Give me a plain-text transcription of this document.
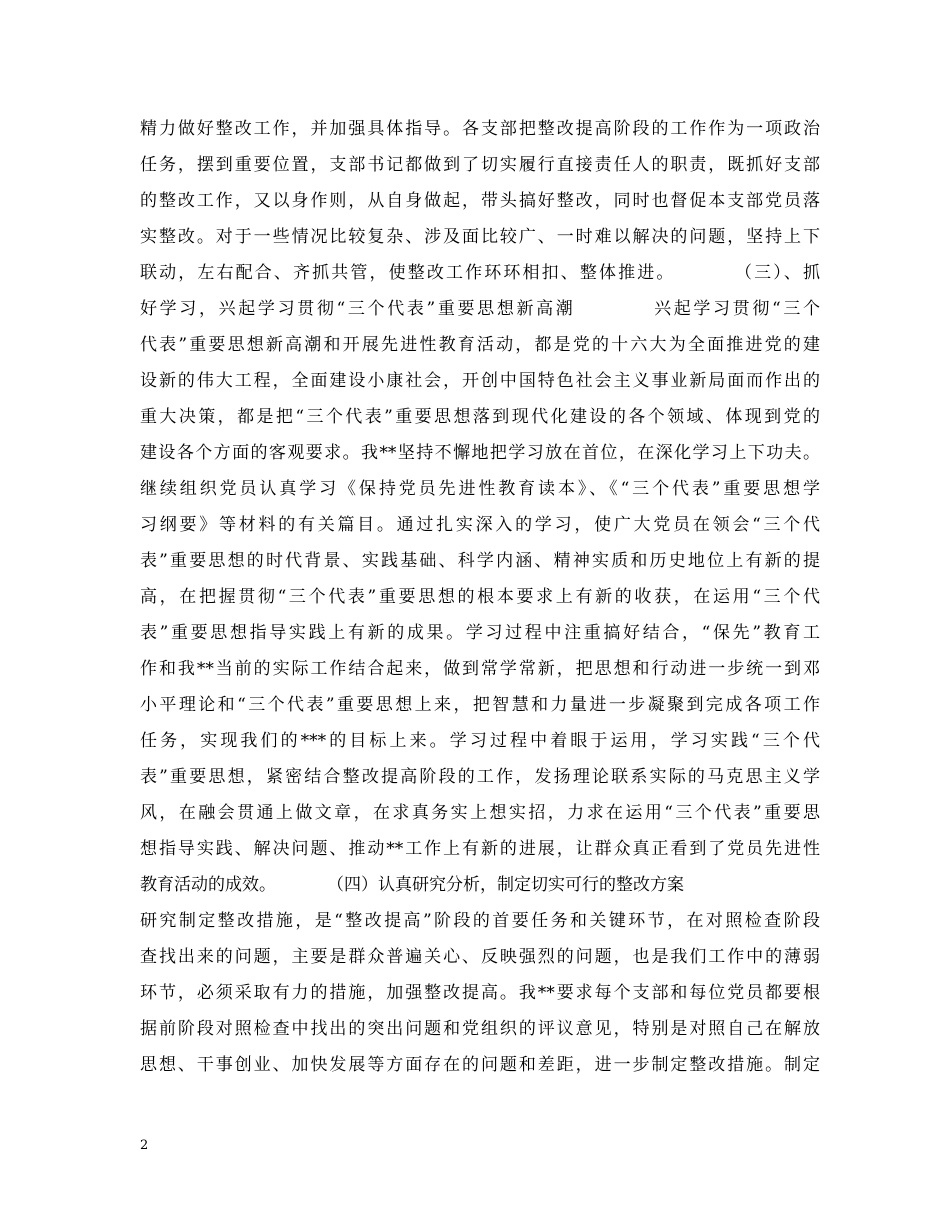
精力做好整改工作，并加强具体指导。各支部把整改提高阶段的工作作为一项政治
任务，摆到重要位置，支部书记都做到了切实履行直接责任人的职责，既抓好支部
的整改工作，又以身作则，从自身做起，带头搞好整改，同时也督促本支部党员落
实整改。对于一些情况比较复杂、涉及面比较广、一时难以解决的问题，坚持上下
联动，左右配合、齐抓共管，使整改工作环环相扣、整体推进。　　　　（三）、抓
好学习，兴起学习贯彻“三个代表”重要思想新高潮　　　　兴起学习贯彻“三个
代表”重要思想新高潮和开展先进性教育活动，都是党的十六大为全面推进党的建
设新的伟大工程，全面建设小康社会，开创中国特色社会主义事业新局面而作出的
重大决策，都是把“三个代表”重要思想落到现代化建设的各个领域、体现到党的
建设各个方面的客观要求。我**坚持不懈地把学习放在首位，在深化学习上下功夫。
继续组织党员认真学习《保持党员先进性教育读本》、《“三个代表”重要思想学
习纲要》等材料的有关篇目。通过扎实深入的学习，使广大党员在领会“三个代
表”重要思想的时代背景、实践基础、科学内涵、精神实质和历史地位上有新的提
高，在把握贯彻“三个代表”重要思想的根本要求上有新的收获，在运用“三个代
表”重要思想指导实践上有新的成果。学习过程中注重搞好结合，“保先”教育工
作和我**当前的实际工作结合起来，做到常学常新，把思想和行动进一步统一到邓
小平理论和“三个代表”重要思想上来，把智慧和力量进一步凝聚到完成各项工作
任务，实现我们的***的目标上来。学习过程中着眼于运用，学习实践“三个代
表”重要思想，紧密结合整改提高阶段的工作，发扬理论联系实际的马克思主义学
风，在融会贯通上做文章，在求真务实上想实招，力求在运用“三个代表”重要思
想指导实践、解决问题、推动**工作上有新的进展，让群众真正看到了党员先进性
教育活动的成效。　　　　（四）认真研究分析，制定切实可行的整改方案
研究制定整改措施，是“整改提高”阶段的首要任务和关键环节，在对照检查阶段
查找出来的问题，主要是群众普遍关心、反映强烈的问题，也是我们工作中的薄弱
环节，必须采取有力的措施，加强整改提高。我**要求每个支部和每位党员都要根
据前阶段对照检查中找出的突出问题和党组织的评议意见，特别是对照自己在解放
思想、干事创业、加快发展等方面存在的问题和差距，进一步制定整改措施。制定
2
